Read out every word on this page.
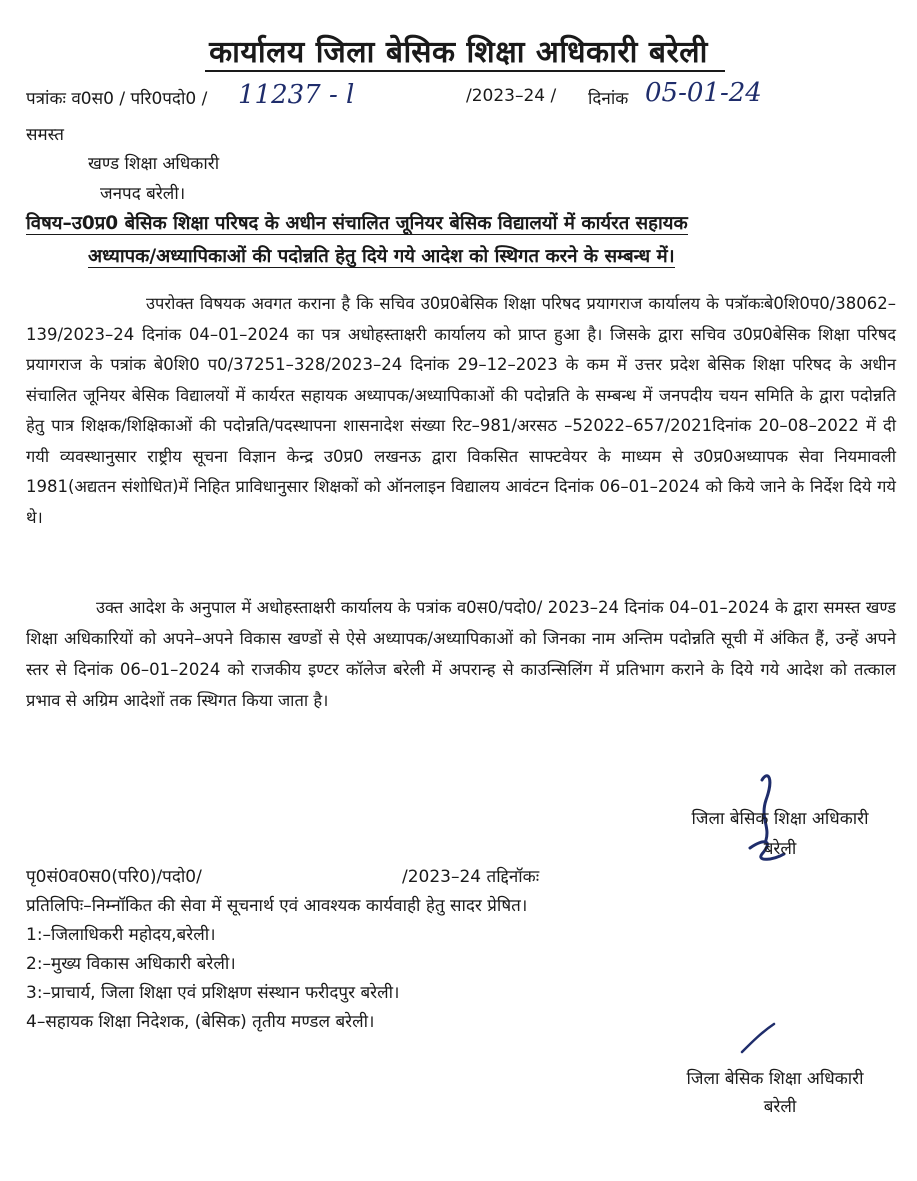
कार्यालय जिला बेसिक शिक्षा अधिकारी बरेली
पत्रांकः व0स0 / परि0पदो0 / 11237 - l	/2023–24 / दिनांक 05-01-24
समस्त
खण्ड शिक्षा अधिकारी
जनपद बरेली।
विषय–उ0प्र0 बेसिक शिक्षा परिषद के अधीन संचालित जूनियर बेसिक विद्यालयों में कार्यरत सहायक
अध्यापक/अध्यापिकाओं की पदोन्नति हेतु दिये गये आदेश को स्थिगत करने के सम्बन्ध में।
उपरोक्त विषयक अवगत कराना है कि सचिव उ0प्र0बेसिक शिक्षा परिषद प्रयागराज कार्यालय के पत्रॉकःबे0शि0प0/38062–139/2023–24 दिनांक 04–01–2024 का पत्र अधोहस्ताक्षरी कार्यालय को प्राप्त हुआ है। जिसके द्वारा सचिव उ0प्र0बेसिक शिक्षा परिषद प्रयागराज के पत्रांक बे0शि0 प0/37251–328/2023–24 दिनांक 29–12–2023 के कम में उत्तर प्रदेश बेसिक शिक्षा परिषद के अधीन संचालित जूनियर बेसिक विद्यालयों में कार्यरत सहायक अध्यापक/अध्यापिकाओं की पदोन्नति के सम्बन्ध में जनपदीय चयन समिति के द्वारा पदोन्नति हेतु पात्र शिक्षक/शिक्षिकाओं की पदोन्नति/पदस्थापना शासनादेश संख्या रिट–981/अरसठ –52022–657/2021दिनांक 20–08–2022 में दी गयी व्यवस्थानुसार राष्ट्रीय सूचना विज्ञान केन्द्र उ0प्र0 लखनऊ द्वारा विकसित साफ्टवेयर के माध्यम से उ0प्र0अध्यापक सेवा नियमावली 1981(अद्यतन संशोधित)में निहित प्राविधानुसार शिक्षकों को ऑनलाइन विद्यालय आवंटन दिनांक 06–01–2024 को किये जाने के निर्देश दिये गये थे।
उक्त आदेश के अनुपाल में अधोहस्ताक्षरी कार्यालय के पत्रांक व0स0/पदो0/ 2023–24 दिनांक 04–01–2024 के द्वारा समस्त खण्ड शिक्षा अधिकारियों को अपने–अपने विकास खण्डों से ऐसे अध्यापक/अध्यापिकाओं को जिनका नाम अन्तिम पदोन्नति सूची में अंकित हैं, उन्हें अपने स्तर से दिनांक 06–01–2024 को राजकीय इण्टर कॉलेज बरेली में अपरान्ह से काउन्सिलिंग में प्रतिभाग कराने के दिये गये आदेश को तत्काल प्रभाव से अग्रिम आदेशों तक स्थिगत किया जाता है।
जिला बेसिक शिक्षा अधिकारी
बरेली
पृ0सं0व0स0(परि0)/पदो0/	/2023–24 तद्दिनॉकः
प्रतिलिपिः–निम्नॉकित की सेवा में सूचनार्थ एवं आवश्यक कार्यवाही हेतु सादर प्रेषित।
1:–जिलाधिकरी महोदय,बरेली।
2:–मुख्य विकास अधिकारी बरेली।
3:–प्राचार्य, जिला शिक्षा एवं प्रशिक्षण संस्थान फरीदपुर बरेली।
4–सहायक शिक्षा निदेशक, (बेसिक) तृतीय मण्डल बरेली।
जिला बेसिक शिक्षा अधिकारी
बरेली
